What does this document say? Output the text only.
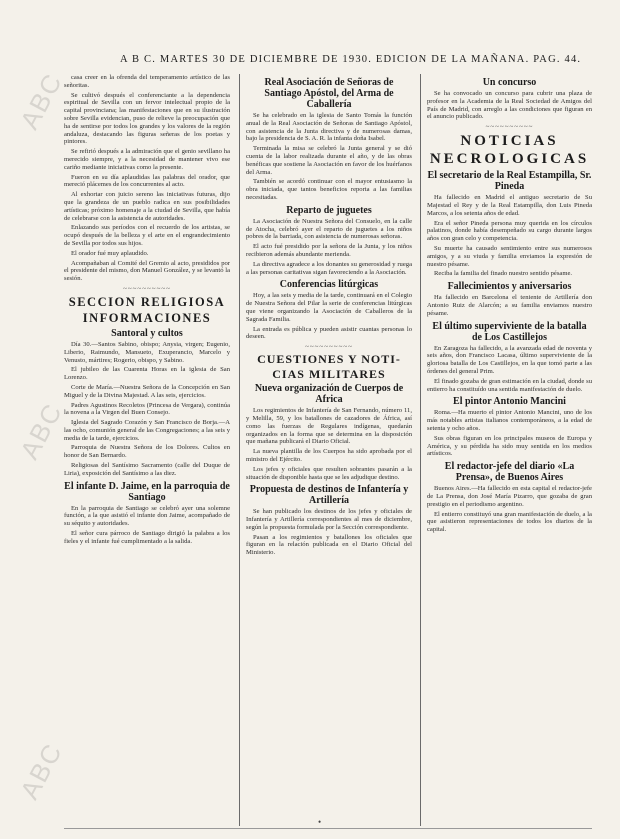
ABC
ABC
ABC
A B C. MARTES 30 DE DICIEMBRE DE 1930. EDICION DE LA MAÑANA. PAG. 44.

casa creer en la ofrenda del temperamento artístico de las señoritas.

Se cultivó después el conferenciante a la dependencia espiritual de Sevilla con un fervor intelectual propio de la capital provinciana; las manifestaciones que en su ilustración sobre Sevilla evidencian, puso de relieve la preocupación que ha de sentirse por todos los grandes y los valores de la región andaluza, destacando las figuras señeras de los poetas y pintores.

Se refirió después a la admiración que el genio sevillano ha merecido siempre, y a la necesidad de mantener vivo ese cariño mediante iniciativas como la presente.

Fueron en su día aplaudidas las palabras del orador, que mereció plácemes de los concurrentes al acto.

Al exhortar con juicio sereno las iniciativas futuras, dijo que la grandeza de un pueblo radica en sus posibilidades artísticas; próximo homenaje a la ciudad de Sevilla, que había de celebrarse con la asistencia de autoridades.

Enlazando sus períodos con el recuerdo de los artistas, se ocupó después de la belleza y el arte en el engrandecimiento de Sevilla por todos sus hijos.

El orador fué muy aplaudido.

Acompañaban al Comité del Gremio al acto, presididos por el presidente del mismo, don Manuel González, y se levantó la sesión.

~~~~~~~~~~
SECCION RELIGIOSA
INFORMACIONES
Santoral y cultos

Día 30.—Santos Sabino, obispo; Anysia, virgen; Eugenio, Liberio, Raimundo, Mansueto, Exuperancio, Marcelo y Venusto, mártires; Rogerio, obispo, y Sabino.

El jubileo de las Cuarenta Horas en la iglesia de San Lorenzo.

Corte de María.—Nuestra Señora de la Concepción en San Miguel y de la Divina Majestad. A las seis, ejercicios.

Padres Agustinos Recoletos (Princesa de Vergara), continúa la novena a la Virgen del Buen Consejo.

Iglesia del Sagrado Corazón y San Francisco de Borja.—A las ocho, comunión general de las Congregaciones; a las seis y media de la tarde, ejercicios.

Parroquia de Nuestra Señora de los Dolores. Cultos en honor de San Bernardo.

Religiosas del Santísimo Sacramento (calle del Duque de Liria), exposición del Santísimo a las diez.

El infante D. Jaime, en la parroquia de Santiago

En la parroquia de Santiago se celebró ayer una solemne función, a la que asistió el infante don Jaime, acompañado de su séquito y autoridades.

El señor cura párroco de Santiago dirigió la palabra a los fieles y el infante fué cumplimentado a la salida.

Real Asociación de Señoras de Santiago Apóstol, del Arma de Caballería

Se ha celebrado en la iglesia de Santo Tomás la función anual de la Real Asociación de Señoras de Santiago Apóstol, con asistencia de la Junta directiva y de numerosas damas, bajo la presidencia de S. A. R. la infanta doña Isabel.

Terminada la misa se celebró la Junta general y se dió cuenta de la labor realizada durante el año, y de las obras benéficas que sostiene la Asociación en favor de los huérfanos del Arma.

También se acordó continuar con el mayor entusiasmo la obra iniciada, que tantos beneficios reporta a las familias necesitadas.

Reparto de juguetes

La Asociación de Nuestra Señora del Consuelo, en la calle de Atocha, celebró ayer el reparto de juguetes a los niños pobres de la barriada, con asistencia de numerosas señoras.

El acto fué presidido por la señora de la Junta, y los niños recibieron además abundante merienda.

La directiva agradece a los donantes su generosidad y ruega a las personas caritativas sigan favoreciendo a la Asociación.

Conferencias litúrgicas

Hoy, a las seis y media de la tarde, continuará en el Colegio de Nuestra Señora del Pilar la serie de conferencias litúrgicas que viene organizando la Asociación de Caballeros de la Sagrada Familia.

La entrada es pública y pueden asistir cuantas personas lo deseen.

~~~~~~~~~~
CUESTIONES Y NOTI-
CIAS MILITARES
Nueva organización de Cuerpos de Africa

Los regimientos de Infantería de San Fernando, número 11, y Melilla, 59, y los batallones de cazadores de África, así como las fuerzas de Regulares indígenas, quedarán organizados en la forma que se determina en la disposición que mañana publicará el Diario Oficial.

La nueva plantilla de los Cuerpos ha sido aprobada por el ministro del Ejército.

Los jefes y oficiales que resulten sobrantes pasarán a la situación de disponible hasta que se les adjudique destino.

Propuesta de destinos de Infantería y Artillería

Se han publicado los destinos de los jefes y oficiales de Infantería y Artillería correspondientes al mes de diciembre, según la propuesta formulada por la Sección correspondiente.

Pasan a los regimientos y batallones los oficiales que figuran en la relación publicada en el Diario Oficial del Ministerio.

Un concurso

Se ha convocado un concurso para cubrir una plaza de profesor en la Academia de la Real Sociedad de Amigos del País de Madrid, con arreglo a las condiciones que figuran en el anuncio publicado.

~~~~~~~~~~
NOTICIAS
NECROLOGICAS
El secretario de la Real Estampilla, Sr. Pineda

Ha fallecido en Madrid el antiguo secretario de Su Majestad el Rey y de la Real Estampilla, don Luis Pineda Marcos, a los setenta años de edad.

Era el señor Pineda persona muy querida en los círculos palatinos, donde había desempeñado su cargo durante largos años con gran celo y competencia.

Su muerte ha causado sentimiento entre sus numerosos amigos, y a su viuda y familia enviamos la expresión de nuestro pésame.

Reciba la familia del finado nuestro sentido pésame.

Fallecimientos y aniversarios

Ha fallecido en Barcelona el teniente de Artillería don Antonio Ruiz de Alarcón; a su familia enviamos nuestro pésame.

El último superviviente de la batalla de Los Castillejos

En Zaragoza ha fallecido, a la avanzada edad de noventa y seis años, don Francisco Lacasa, último superviviente de la gloriosa batalla de Los Castillejos, en la que tomó parte a las órdenes del general Prim.

El finado gozaba de gran estimación en la ciudad, donde su entierro ha constituído una sentida manifestación de duelo.

El pintor Antonio Mancini

Roma.—Ha muerto el pintor Antonio Mancini, uno de los más notables artistas italianos contemporáneos, a la edad de setenta y ocho años.

Sus obras figuran en los principales museos de Europa y América, y su pérdida ha sido muy sentida en los medios artísticos.

El redactor-jefe del diario «La Prensa», de Buenos Aires

Buenos Aires.—Ha fallecido en esta capital el redactor-jefe de La Prensa, don José María Pizarro, que gozaba de gran prestigio en el periodismo argentino.

El entierro constituyó una gran manifestación de duelo, a la que asistieron representaciones de todos los diarios de la capital.

•
